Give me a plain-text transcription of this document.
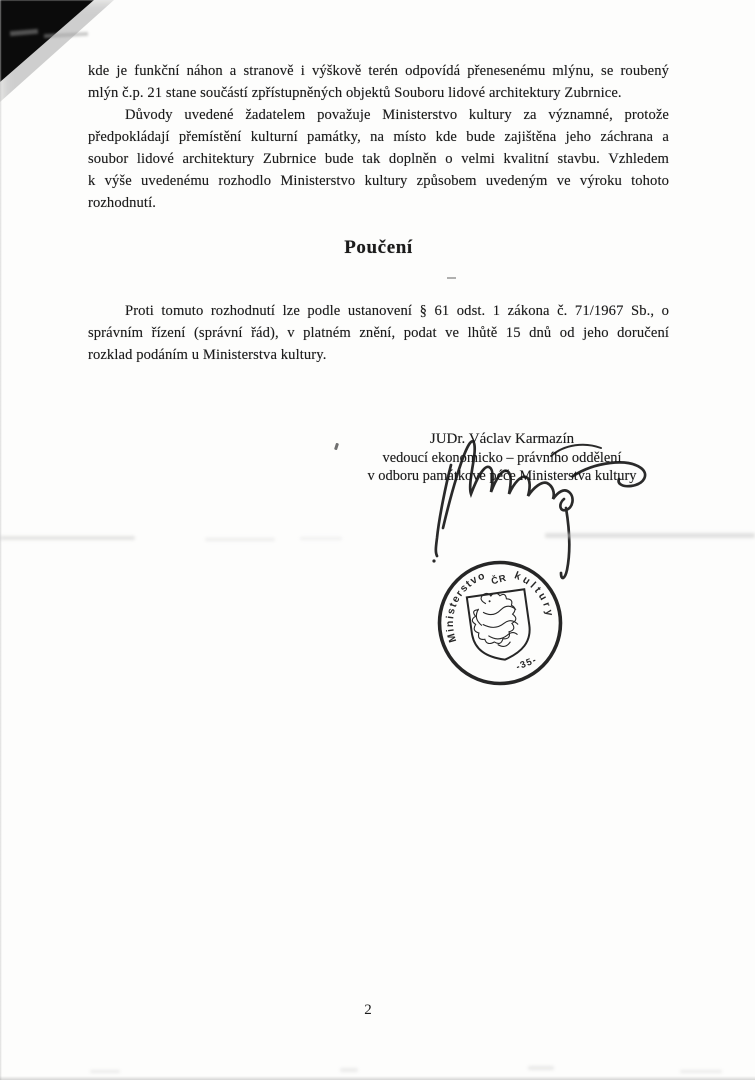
kde je funkční náhon a stranově i výškově terén odpovídá přenesenému mlýnu, se roubený
mlýn č.p. 21 stane součástí zpřístupněných objektů Souboru lidové architektury Zubrnice.
Důvody uvedené žadatelem považuje Ministerstvo kultury za významné, protože
předpokládají přemístění kulturní památky, na místo kde bude zajištěna jeho záchrana a
soubor lidové architektury Zubrnice bude tak doplněn o velmi kvalitní stavbu. Vzhledem
k výše uvedenému rozhodlo Ministerstvo kultury způsobem uvedeným ve výroku tohoto
rozhodnutí.
Poučení
Proti tomuto rozhodnutí lze podle ustanovení § 61 odst. 1 zákona č. 71/1967 Sb., o
správním řízení (správní řád), v platném znění, podat ve lhůtě 15 dnů od jeho doručení
rozklad podáním u Ministerstva kultury.
JUDr. Václav Karmazín
vedoucí ekonomicko – právního oddělení
v odboru památkové péče Ministerstva kultury
Ministerstvo kultury
ČR
-35-
2
